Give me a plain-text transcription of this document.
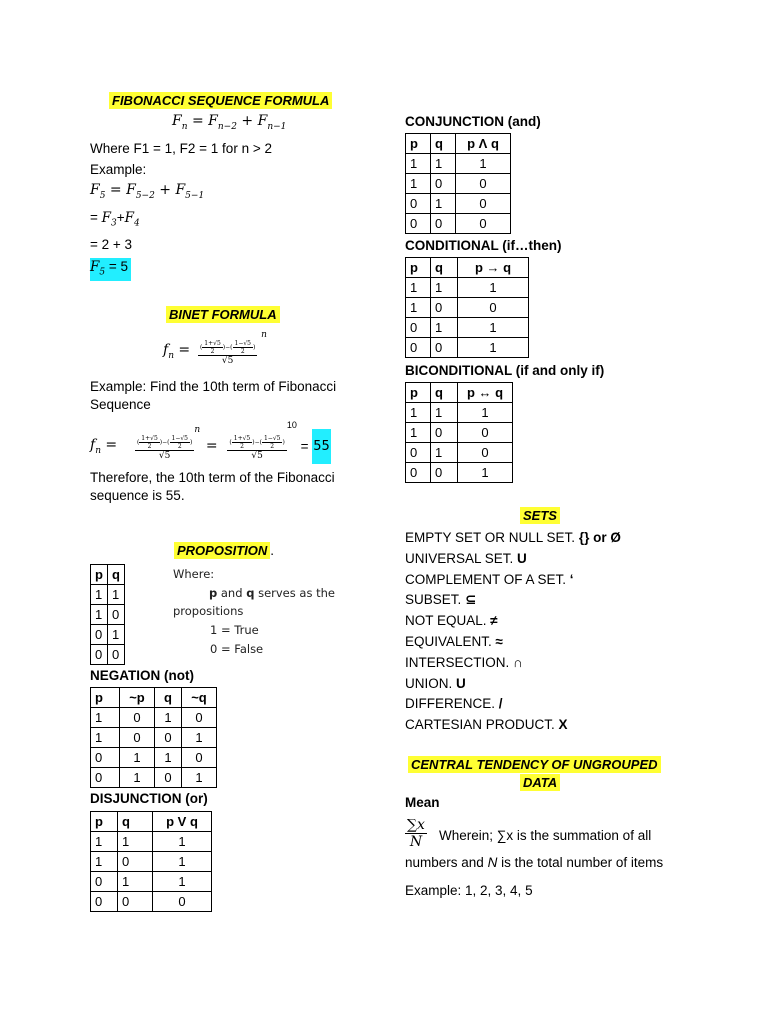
FIBONACCI SEQUENCE FORMULA
$F_n = F_{n-2} + F_{n-1}$
Where F1 = 1, F2 = 1 for n > 2
Example:
$F_5 = F_{5-2} + F_{5-1}$
= $F_3+F_4$
= 2 + 3
$F_5 = 5$
BINET FORMULA
$f_n = \frac{( \frac{1+√5}{2} )-( \frac{1-√5}{2} )}{√5}$
$^n$
Example: Find the 10th term of Fibonacci
Sequence
$f_n$ =	$\frac{( \frac{1+√5}{2} )-( \frac{1-√5}{2} )}{√5}$
$^n = \frac{( \frac{1+√5}{2} )-( \frac{1-√5}{2} )}{√5}$
$^{10}$ = 55
Therefore, the 10th term of the Fibonacci
sequence is 55.
PROPOSITION .
p	q
1	1
1	0
0	1
0	0
Where:
p and q serves as the
propositions
1 = True
0 = False
NEGATION (not)
p	~p	q	~q
1	0	1	0
1	0	0	1
0	1	1	0
0	1	0	1
DISJUNCTION (or)
p	q	p V q
1	1	1
1	0	1
0	1	1
0	0	0
CONJUNCTION (and)
p	q	p Λ q
1	1	1
1	0	0
0	1	0
0	0	0
CONDITIONAL (if…then)
p	q	p → q
1	1	1
1	0	0
0	1	1
0	0	1
BICONDITIONAL (if and only if)
p	q	p ↔ q
1	1	1
1	0	0
0	1	0
0	0	1
SETS
EMPTY SET OR NULL SET. {} or Ø
UNIVERSAL SET. U
COMPLEMENT OF A SET. ‘
SUBSET. ⊆
NOT EQUAL. ≠
EQUIVALENT. ≈
INTERSECTION. ∩
UNION. U
DIFFERENCE. /
CARTESIAN PRODUCT. X
CENTRAL TENDENCY OF UNGROUPED
DATA
Mean
$\frac{\sum x}{N}$ Wherein; ∑x is the summation of all
numbers and N is the total number of items
Example: 1, 2, 3, 4, 5
